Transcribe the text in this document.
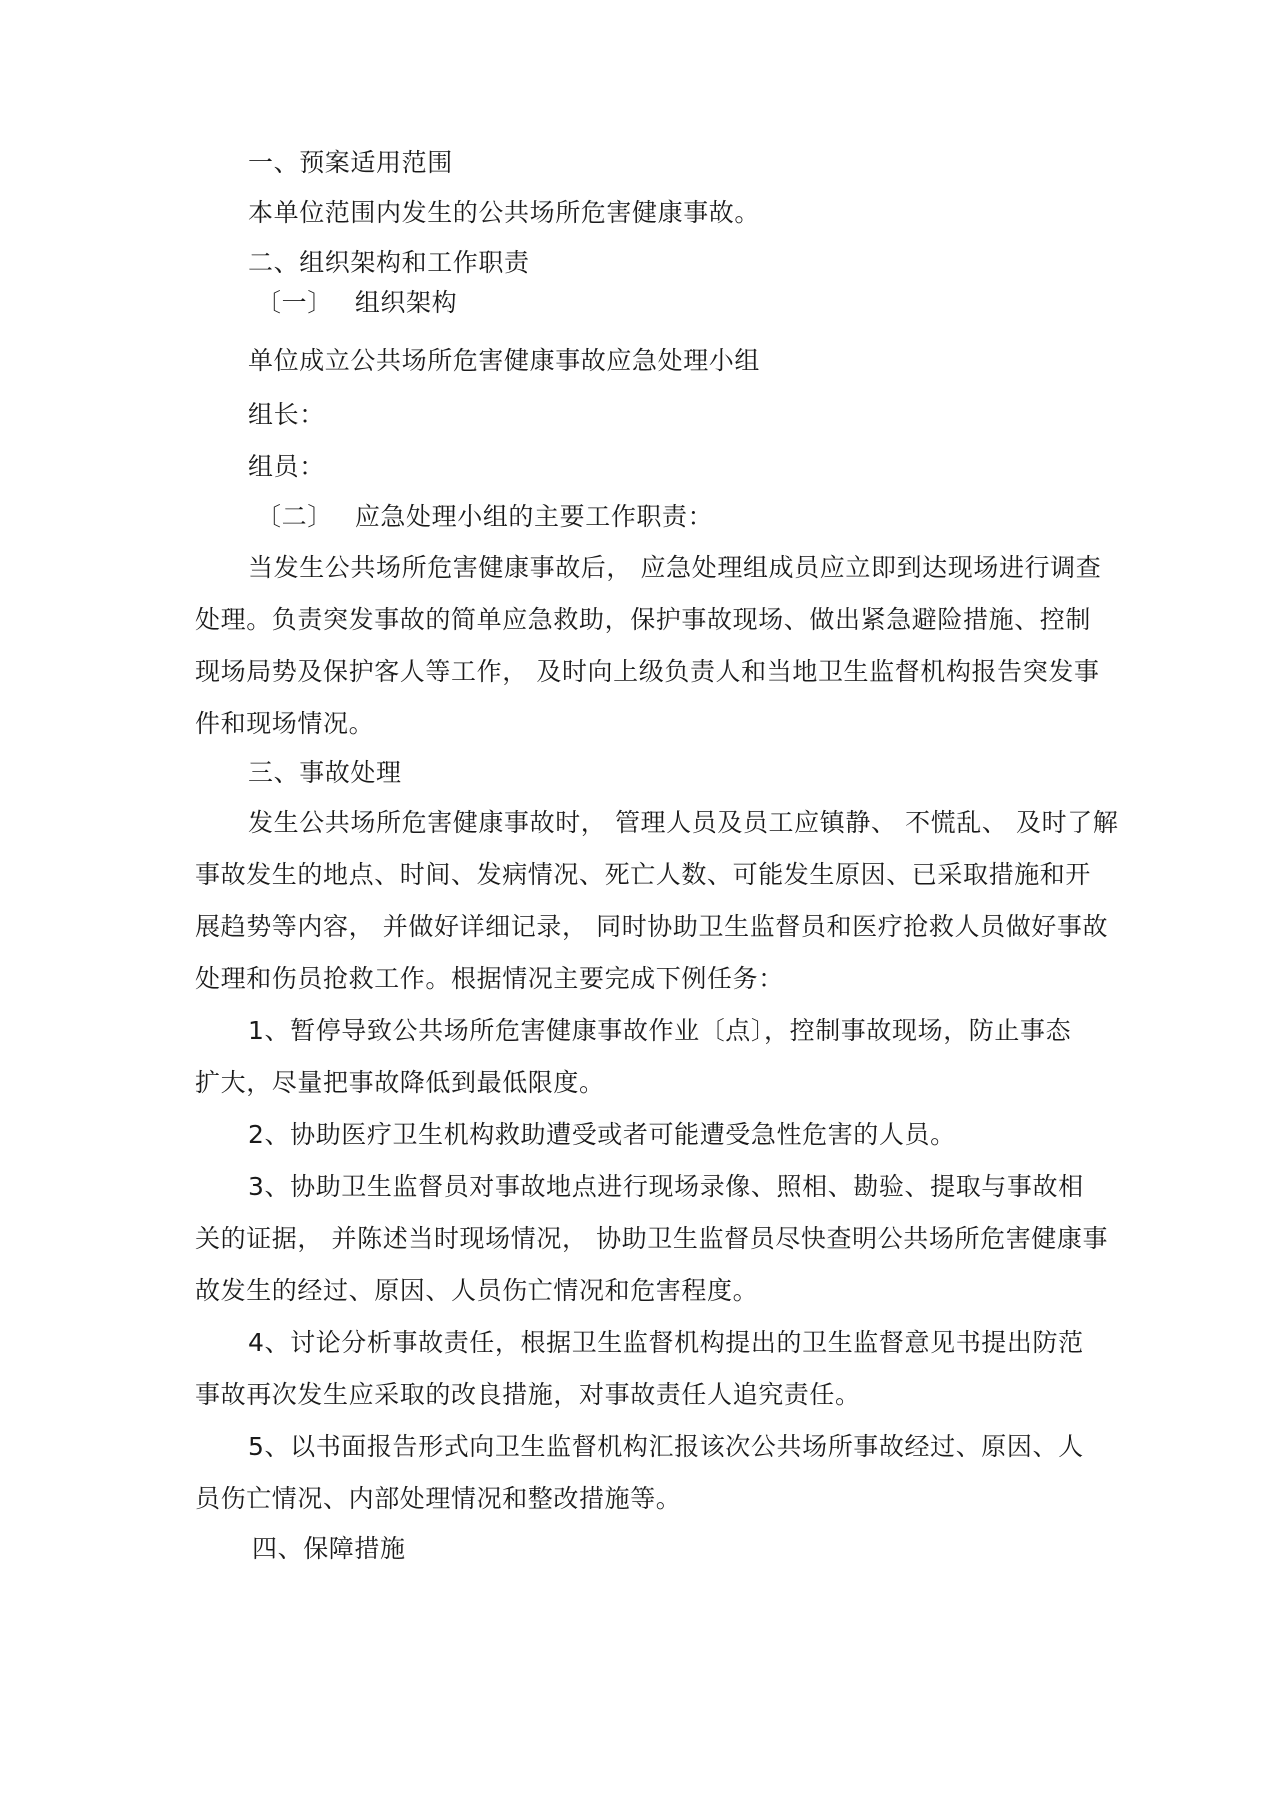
一、预案适用范围
本单位范围内发生的公共场所危害健康事故。
二、组织架构和工作职责
〔一〕 组织架构
单位成立公共场所危害健康事故应急处理小组
组长：
组员：
〔二〕 应急处理小组的主要工作职责：
当发生公共场所危害健康事故后， 应急处理组成员应立即到达现场进行调查
处理。负责突发事故的简单应急救助，保护事故现场、做出紧急避险措施、控制
现场局势及保护客人等工作， 及时向上级负责人和当地卫生监督机构报告突发事
件和现场情况。
三、事故处理
发生公共场所危害健康事故时， 管理人员及员工应镇静、 不慌乱、 及时了解
事故发生的地点、时间、发病情况、死亡人数、可能发生原因、已采取措施和开
展趋势等内容， 并做好详细记录， 同时协助卫生监督员和医疗抢救人员做好事故
处理和伤员抢救工作。根据情况主要完成下例任务：
1、暂停导致公共场所危害健康事故作业〔点〕，控制事故现场，防止事态
扩大，尽量把事故降低到最低限度。
2、协助医疗卫生机构救助遭受或者可能遭受急性危害的人员。
3、协助卫生监督员对事故地点进行现场录像、照相、勘验、提取与事故相
关的证据， 并陈述当时现场情况， 协助卫生监督员尽快查明公共场所危害健康事
故发生的经过、原因、人员伤亡情况和危害程度。
4、讨论分析事故责任，根据卫生监督机构提出的卫生监督意见书提出防范
事故再次发生应采取的改良措施，对事故责任人追究责任。
5、以书面报告形式向卫生监督机构汇报该次公共场所事故经过、原因、人
员伤亡情况、内部处理情况和整改措施等。
四、保障措施
